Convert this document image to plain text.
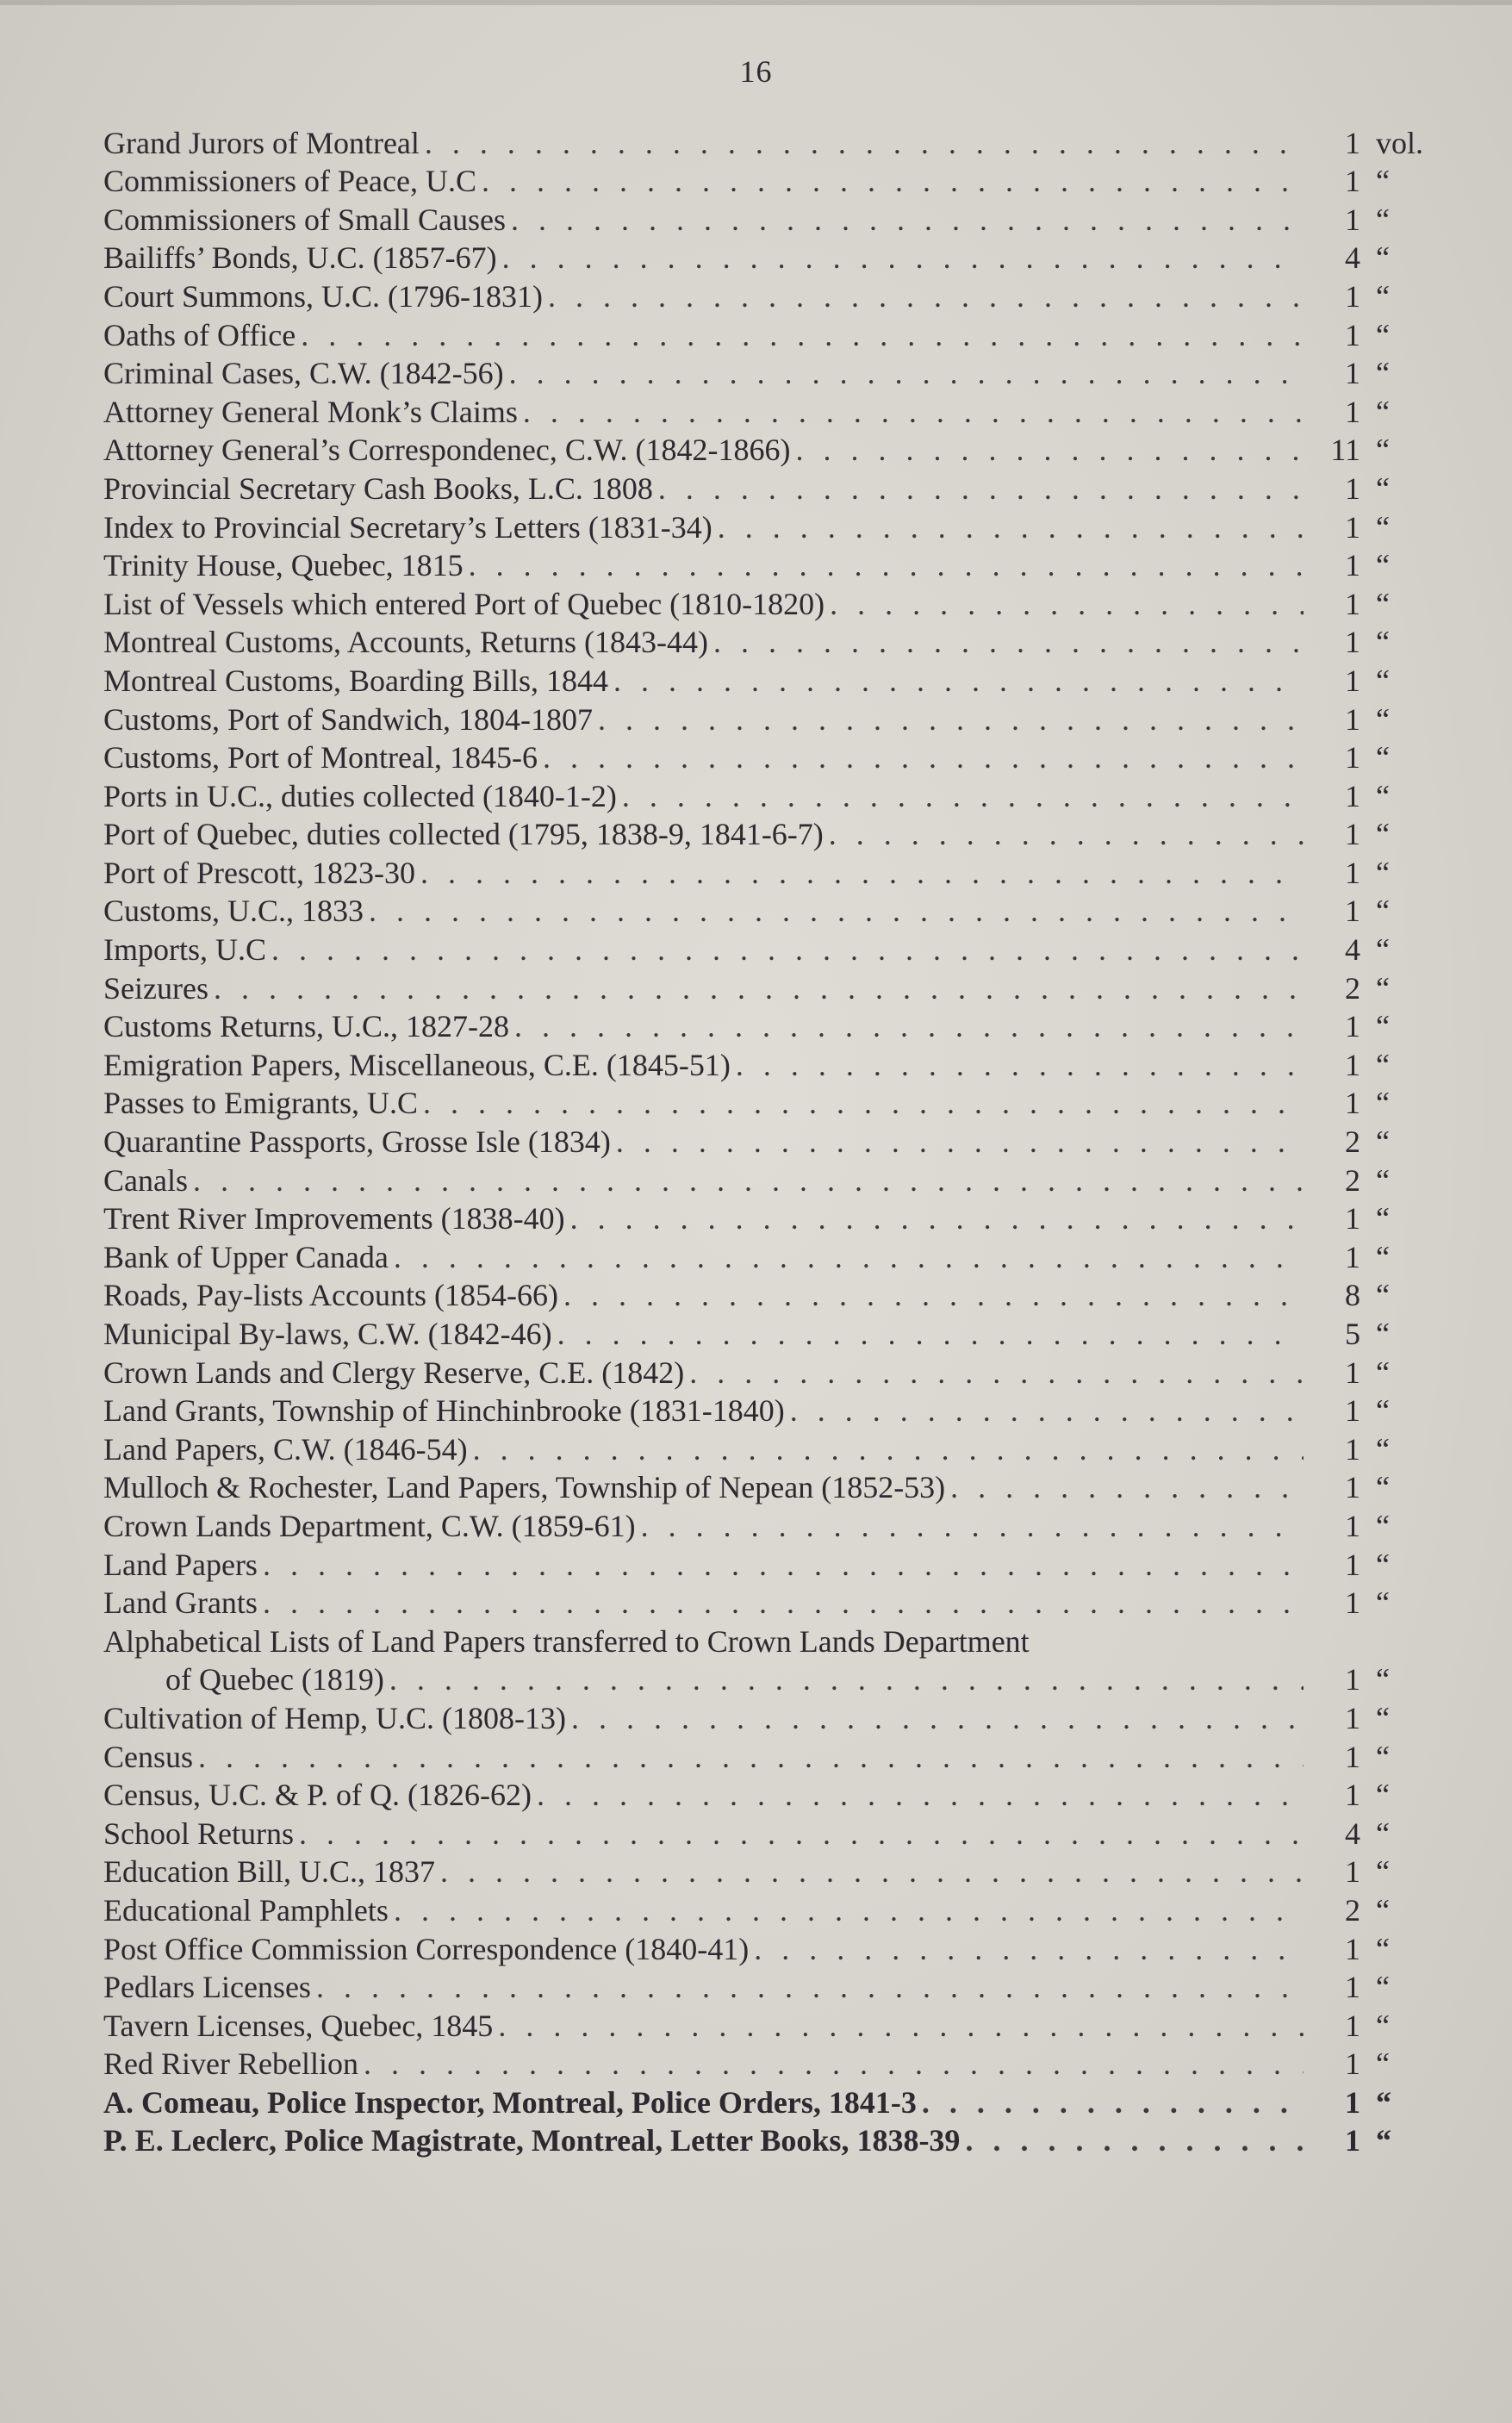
16
Grand Jurors of Montreal . . .	1 vol.
Commissioners of Peace, U.C . . .	1 “
Commissioners of Small Causes . . .	1 “
Bailiffs’ Bonds, U.C. (1857-67) . . .	4 “
Court Summons, U.C. (1796-1831) . . .	1 “
Oaths of Office . . .	1 “
Criminal Cases, C.W. (1842-56) . . .	1 “
Attorney General Monk’s Claims . . .	1 “
Attorney General’s Correspondenec, C.W. (1842-1866) . . .	11 “
Provincial Secretary Cash Books, L.C. 1808 . . .	1 “
Index to Provincial Secretary’s Letters (1831-34) . . .	1 “
Trinity House, Quebec, 1815 . . .	1 “
List of Vessels which entered Port of Quebec (1810-1820) . . .	1 “
Montreal Customs, Accounts, Returns (1843-44) . . .	1 “
Montreal Customs, Boarding Bills, 1844 . . .	1 “
Customs, Port of Sandwich, 1804-1807 . . .	1 “
Customs, Port of Montreal, 1845-6 . . .	1 “
Ports in U.C., duties collected (1840-1-2) . . .	1 “
Port of Quebec, duties collected (1795, 1838-9, 1841-6-7) . . .	1 “
Port of Prescott, 1823-30 . . .	1 “
Customs, U.C., 1833 . . .	1 “
Imports, U.C . . .	4 “
Seizures . . .	2 “
Customs Returns, U.C., 1827-28 . . .	1 “
Emigration Papers, Miscellaneous, C.E. (1845-51) . . .	1 “
Passes to Emigrants, U.C . . .	1 “
Quarantine Passports, Grosse Isle (1834) . . .	2 “
Canals . . .	2 “
Trent River Improvements (1838-40) . . .	1 “
Bank of Upper Canada . . .	1 “
Roads, Pay-lists Accounts (1854-66) . . .	8 “
Municipal By-laws, C.W. (1842-46) . . .	5 “
Crown Lands and Clergy Reserve, C.E. (1842) . . .	1 “
Land Grants, Township of Hinchinbrooke (1831-1840) . . .	1 “
Land Papers, C.W. (1846-54) . . .	1 “
Mulloch & Rochester, Land Papers, Township of Nepean (1852-53) . . .	1 “
Crown Lands Department, C.W. (1859-61) . . .	1 “
Land Papers . . .	1 “
Land Grants . . .	1 “
Alphabetical Lists of Land Papers transferred to Crown Lands Department
of Quebec (1819) . . .	1 “
Cultivation of Hemp, U.C. (1808-13) . . .	1 “
Census . . .	1 “
Census, U.C. & P. of Q. (1826-62) . . .	1 “
School Returns . . .	4 “
Education Bill, U.C., 1837 . . .	1 “
Educational Pamphlets . . .	2 “
Post Office Commission Correspondence (1840-41) . . .	1 “
Pedlars Licenses . . .	1 “
Tavern Licenses, Quebec, 1845 . . .	1 “
Red River Rebellion . . .	1 “
A. Comeau, Police Inspector, Montreal, Police Orders, 1841-3 . . .	1 “
P. E. Leclerc, Police Magistrate, Montreal, Letter Books, 1838-39 . . .	1 “
